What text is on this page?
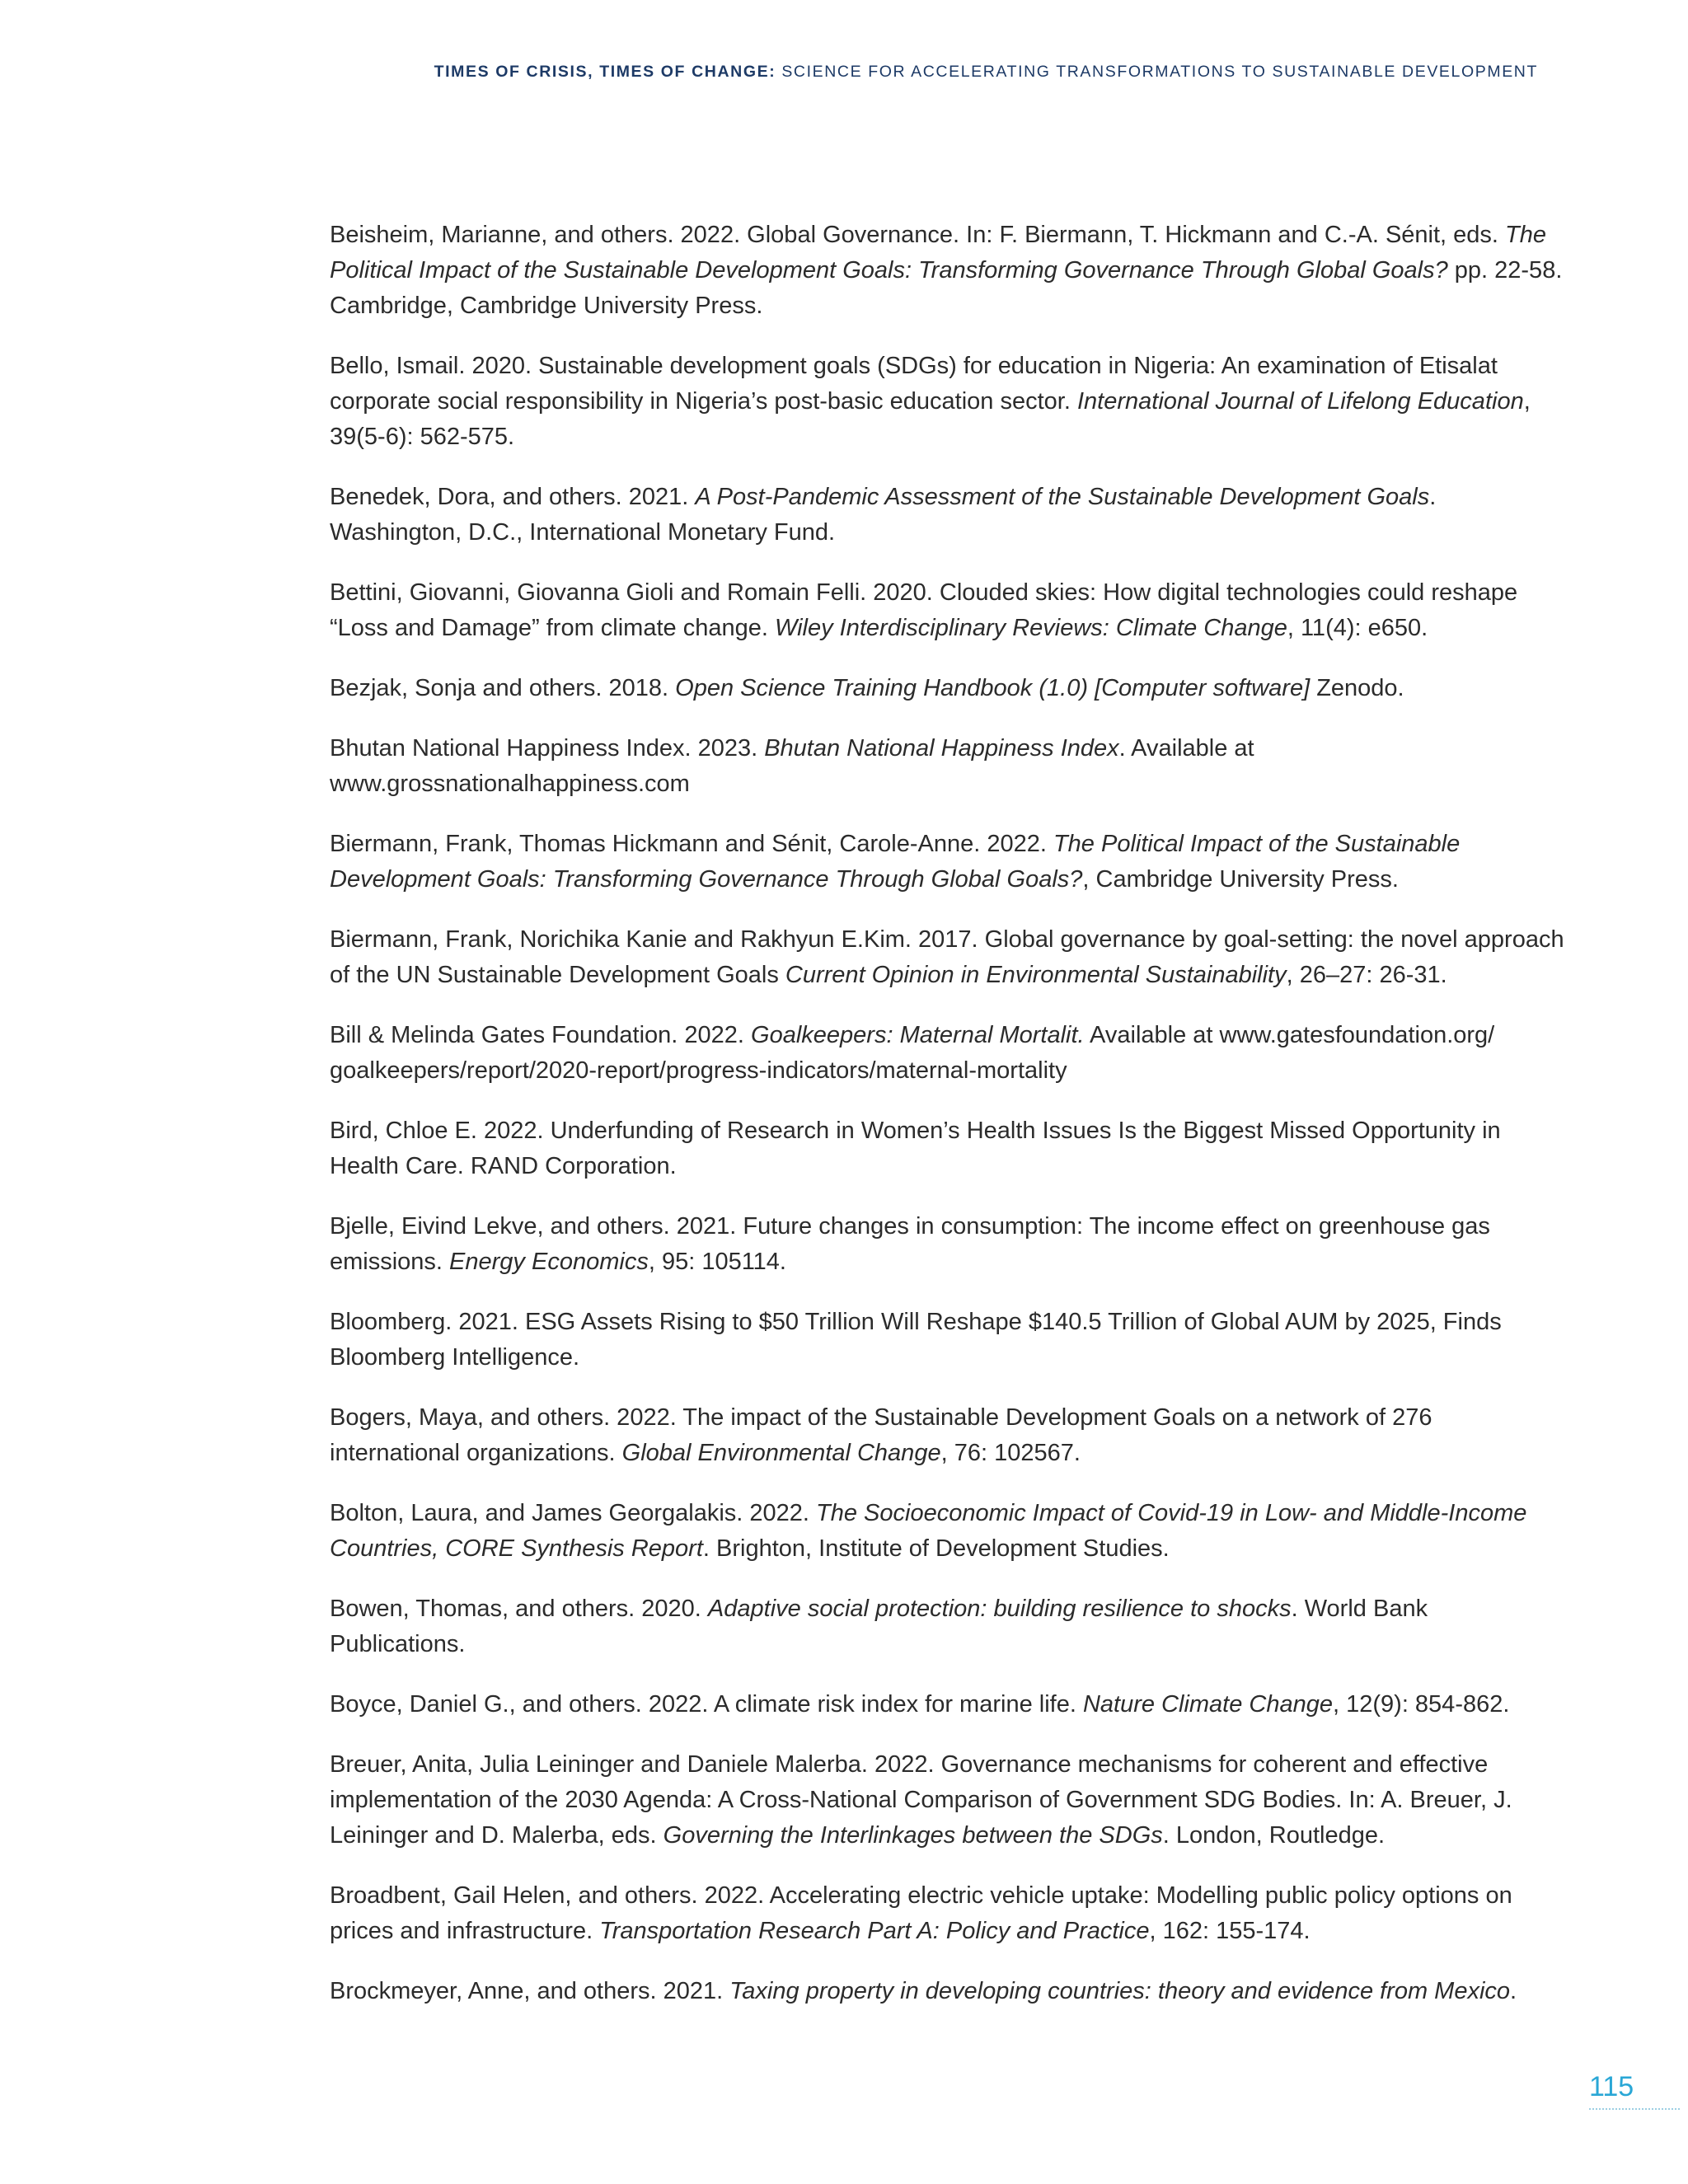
TIMES OF CRISIS, TIMES OF CHANGE: SCIENCE FOR ACCELERATING TRANSFORMATIONS TO SUSTAINABLE DEVELOPMENT

Beisheim, Marianne, and others. 2022. Global Governance. In: F. Biermann, T. Hickmann and C.-A. Sénit, eds. The Political Impact of the Sustainable Development Goals: Transforming Governance Through Global Goals? pp. 22-58. Cambridge, Cambridge University Press.

Bello, Ismail. 2020. Sustainable development goals (SDGs) for education in Nigeria: An examination of Etisalat corporate social responsibility in Nigeria’s post-basic education sector. International Journal of Lifelong Education, 39(5-6): 562-575.

Benedek, Dora, and others. 2021. A Post-Pandemic Assessment of the Sustainable Development Goals. Washington, D.C., International Monetary Fund.

Bettini, Giovanni, Giovanna Gioli and Romain Felli. 2020. Clouded skies: How digital technologies could reshape “Loss and Damage” from climate change. Wiley Interdisciplinary Reviews: Climate Change, 11(4): e650.

Bezjak, Sonja and others. 2018. Open Science Training Handbook (1.0) [Computer software] Zenodo.

Bhutan National Happiness Index. 2023. Bhutan National Happiness Index. Available at www.grossnationalhappiness.com

Biermann, Frank, Thomas Hickmann and Sénit, Carole-Anne. 2022. The Political Impact of the Sustainable Development Goals: Transforming Governance Through Global Goals?, Cambridge University Press.

Biermann, Frank, Norichika Kanie and Rakhyun E.Kim. 2017. Global governance by goal-setting: the novel approach of the UN Sustainable Development Goals Current Opinion in Environmental Sustainability, 26–27: 26-31.

Bill & Melinda Gates Foundation. 2022. Goalkeepers: Maternal Mortalit. Available at www.gatesfoundation.org/ goalkeepers/report/2020-report/progress-indicators/maternal-mortality

Bird, Chloe E. 2022. Underfunding of Research in Women’s Health Issues Is the Biggest Missed Opportunity in Health Care. RAND Corporation.

Bjelle, Eivind Lekve, and others. 2021. Future changes in consumption: The income effect on greenhouse gas emissions. Energy Economics, 95: 105114.

Bloomberg. 2021. ESG Assets Rising to $50 Trillion Will Reshape $140.5 Trillion of Global AUM by 2025, Finds Bloomberg Intelligence.

Bogers, Maya, and others. 2022. The impact of the Sustainable Development Goals on a network of 276 international organizations. Global Environmental Change, 76: 102567.

Bolton, Laura, and James Georgalakis. 2022. The Socioeconomic Impact of Covid-19 in Low- and Middle-Income Countries, CORE Synthesis Report. Brighton, Institute of Development Studies.

Bowen, Thomas, and others. 2020. Adaptive social protection: building resilience to shocks. World Bank Publications.

Boyce, Daniel G., and others. 2022. A climate risk index for marine life. Nature Climate Change, 12(9): 854-862.

Breuer, Anita, Julia Leininger and Daniele Malerba. 2022. Governance mechanisms for coherent and effective implementation of the 2030 Agenda: A Cross-National Comparison of Government SDG Bodies. In: A. Breuer, J. Leininger and D. Malerba, eds. Governing the Interlinkages between the SDGs. London, Routledge.

Broadbent, Gail Helen, and others. 2022. Accelerating electric vehicle uptake: Modelling public policy options on prices and infrastructure. Transportation Research Part A: Policy and Practice, 162: 155-174.

Brockmeyer, Anne, and others. 2021. Taxing property in developing countries: theory and evidence from Mexico.

115
